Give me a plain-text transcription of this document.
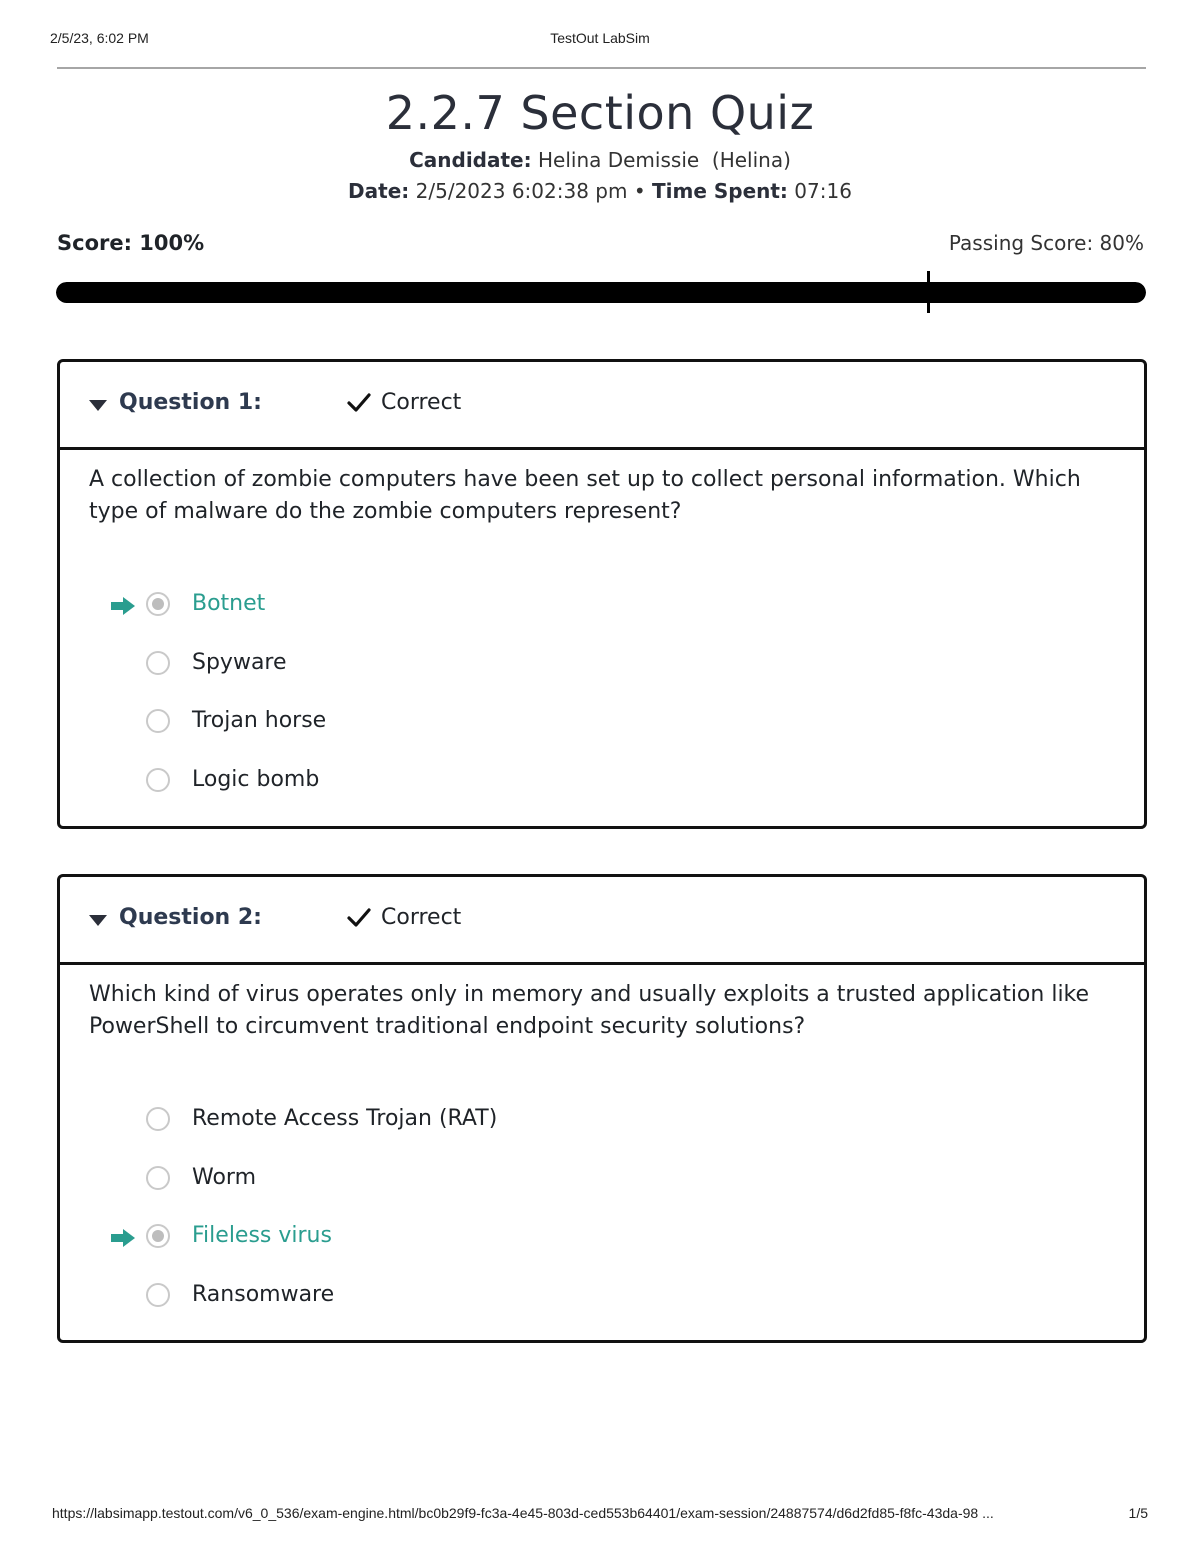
2/5/23, 6:02 PM	TestOut LabSim
2.2.7 Section Quiz
Candidate: Helina Demissie  (Helina)
Date: 2/5/2023 6:02:38 pm • Time Spent: 07:16
Score: 100%	Passing Score: 80%
Question 1:	Correct
A collection of zombie computers have been set up to collect personal information. Which type of malware do the zombie computers represent?
Botnet
Spyware
Trojan horse
Logic bomb
Question 2:	Correct
Which kind of virus operates only in memory and usually exploits a trusted application like PowerShell to circumvent traditional endpoint security solutions?
Remote Access Trojan (RAT)
Worm
Fileless virus
Ransomware
https://labsimapp.testout.com/v6_0_536/exam-engine.html/bc0b29f9-fc3a-4e45-803d-ced553b64401/exam-session/24887574/d6d2fd85-f8fc-43da-98 ...	1/5
